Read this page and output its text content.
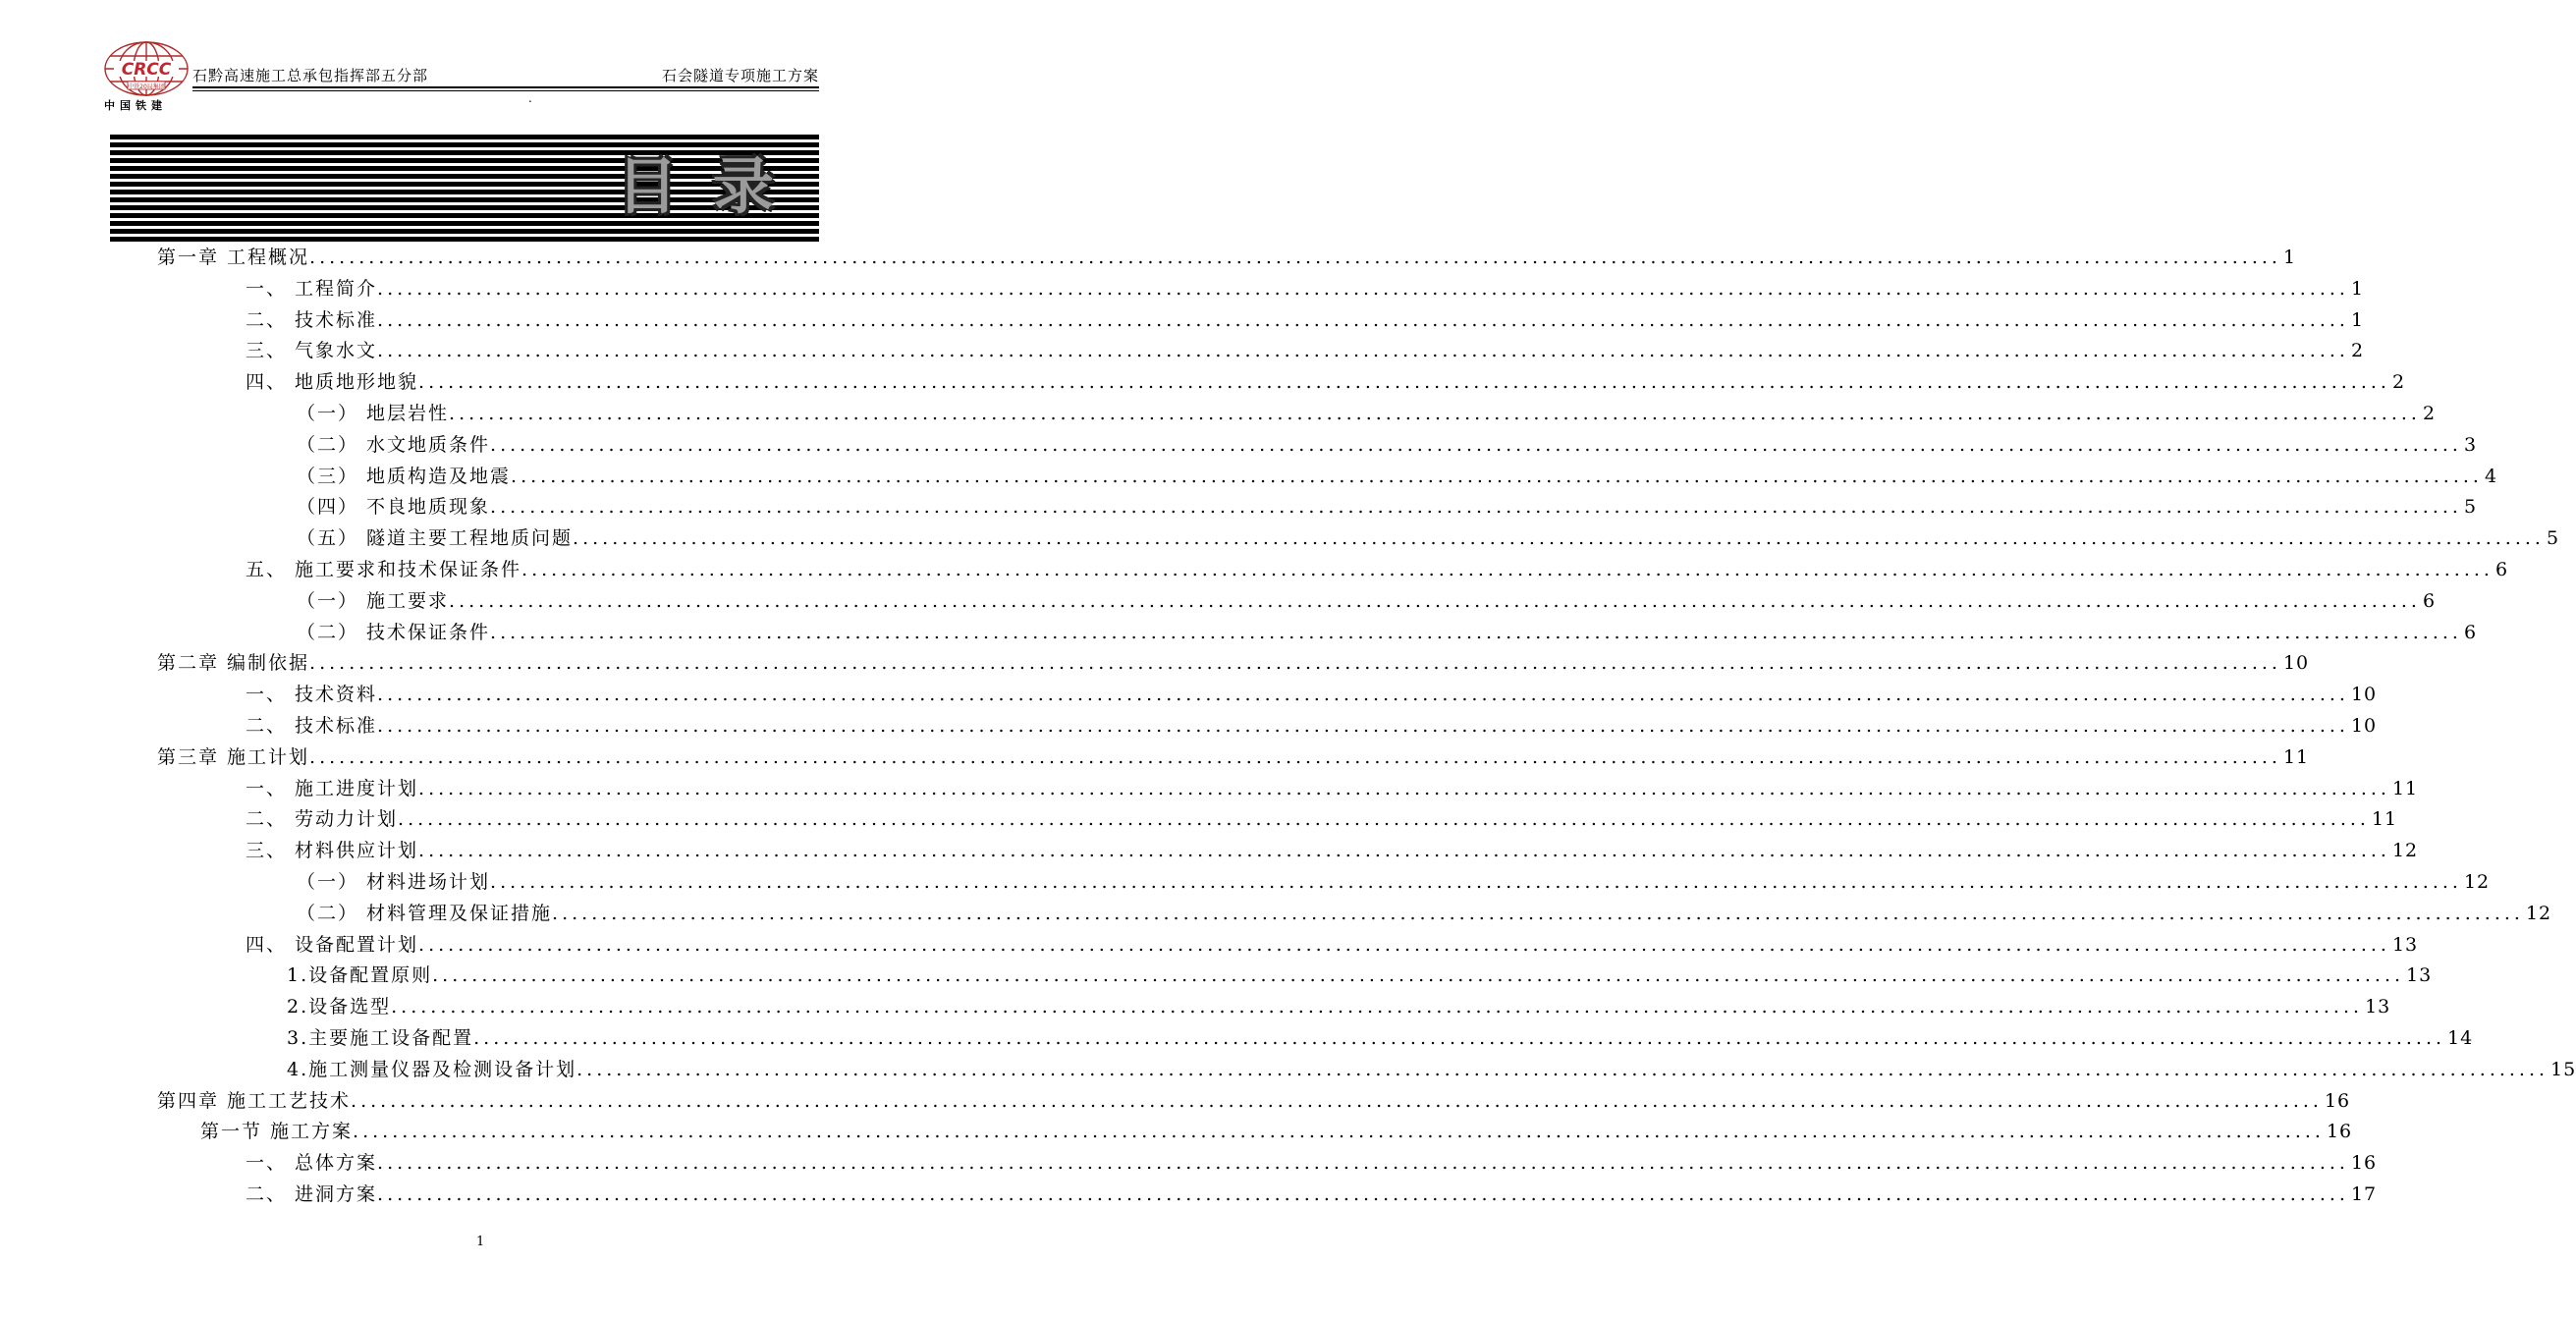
CRCC
中铁20局集团
中国铁建
石黔高速施工总承包指挥部五分部	石会隧道专项施工方案
.
目录
第一章 工程概况 ........................................................................................................................................................................................................ 1
一、 工程简介 ........................................................................................................................................................................................................ 1
二、 技术标准 ........................................................................................................................................................................................................ 1
三、 气象水文 ........................................................................................................................................................................................................ 2
四、 地质地形地貌 ........................................................................................................................................................................................................ 2
（一） 地层岩性 ........................................................................................................................................................................................................ 2
（二） 水文地质条件 ........................................................................................................................................................................................................ 3
（三） 地质构造及地震 ........................................................................................................................................................................................................ 4
（四） 不良地质现象 ........................................................................................................................................................................................................ 5
（五） 隧道主要工程地质问题 ........................................................................................................................................................................................................ 5
五、 施工要求和技术保证条件 ........................................................................................................................................................................................................ 6
（一） 施工要求 ........................................................................................................................................................................................................ 6
（二） 技术保证条件 ........................................................................................................................................................................................................ 6
第二章 编制依据 ........................................................................................................................................................................................................ 10
一、 技术资料 ........................................................................................................................................................................................................ 10
二、 技术标准 ........................................................................................................................................................................................................ 10
第三章 施工计划 ........................................................................................................................................................................................................ 11
一、 施工进度计划 ........................................................................................................................................................................................................ 11
二、 劳动力计划 ........................................................................................................................................................................................................ 11
三、 材料供应计划 ........................................................................................................................................................................................................ 12
（一） 材料进场计划 ........................................................................................................................................................................................................ 12
（二） 材料管理及保证措施 ........................................................................................................................................................................................................ 12
四、 设备配置计划 ........................................................................................................................................................................................................ 13
1.设备配置原则 ........................................................................................................................................................................................................ 13
2.设备选型 ........................................................................................................................................................................................................ 13
3.主要施工设备配置 ........................................................................................................................................................................................................ 14
4.施工测量仪器及检测设备计划 ........................................................................................................................................................................................................ 15
第四章 施工工艺技术 ........................................................................................................................................................................................................ 16
第一节 施工方案 ........................................................................................................................................................................................................ 16
一、 总体方案 ........................................................................................................................................................................................................ 16
二、 进洞方案 ........................................................................................................................................................................................................ 17
1
